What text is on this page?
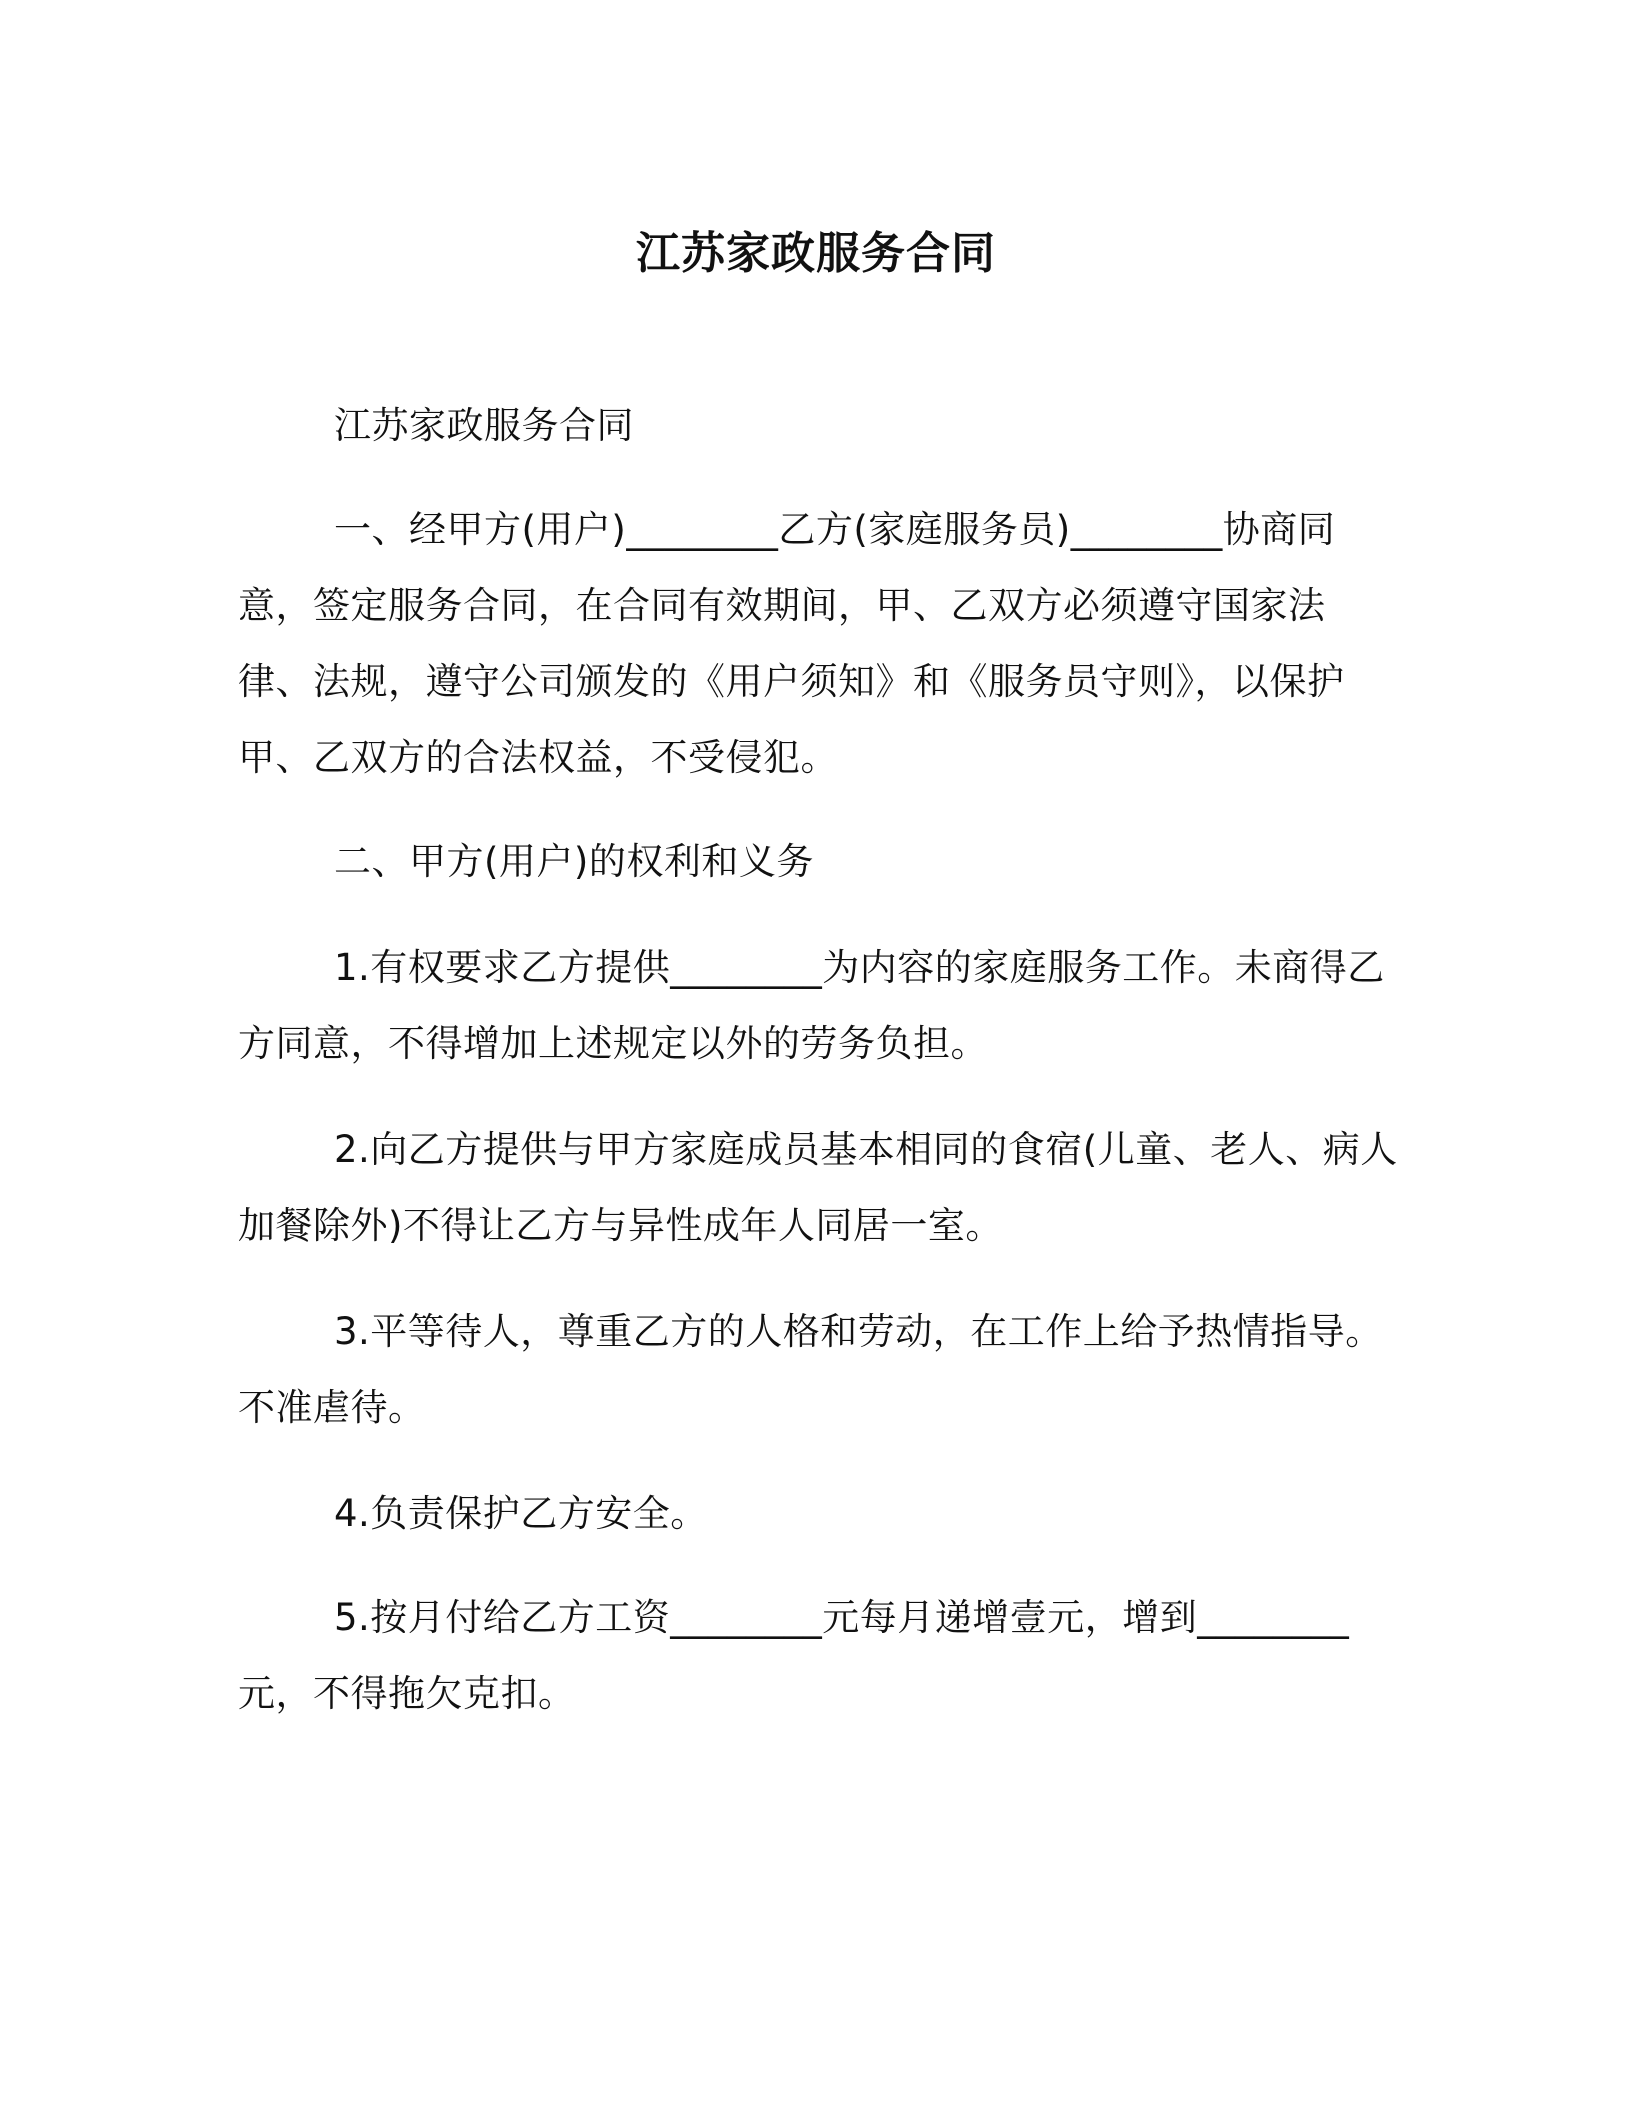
江苏家政服务合同

江苏家政服务合同

一、经甲方(用户)________乙方(家庭服务员)________协商同意，签定服务合同，在合同有效期间，甲、乙双方必须遵守国家法律、法规，遵守公司颁发的《用户须知》和《服务员守则》，以保护甲、乙双方的合法权益，不受侵犯。

二、甲方(用户)的权利和义务

1.有权要求乙方提供________为内容的家庭服务工作。未商得乙方同意，不得增加上述规定以外的劳务负担。

2.向乙方提供与甲方家庭成员基本相同的食宿(儿童、老人、病人加餐除外)不得让乙方与异性成年人同居一室。

3.平等待人，尊重乙方的人格和劳动，在工作上给予热情指导。不准虐待。

4.负责保护乙方安全。

5.按月付给乙方工资________元每月递增壹元，增到________元，不得拖欠克扣。
